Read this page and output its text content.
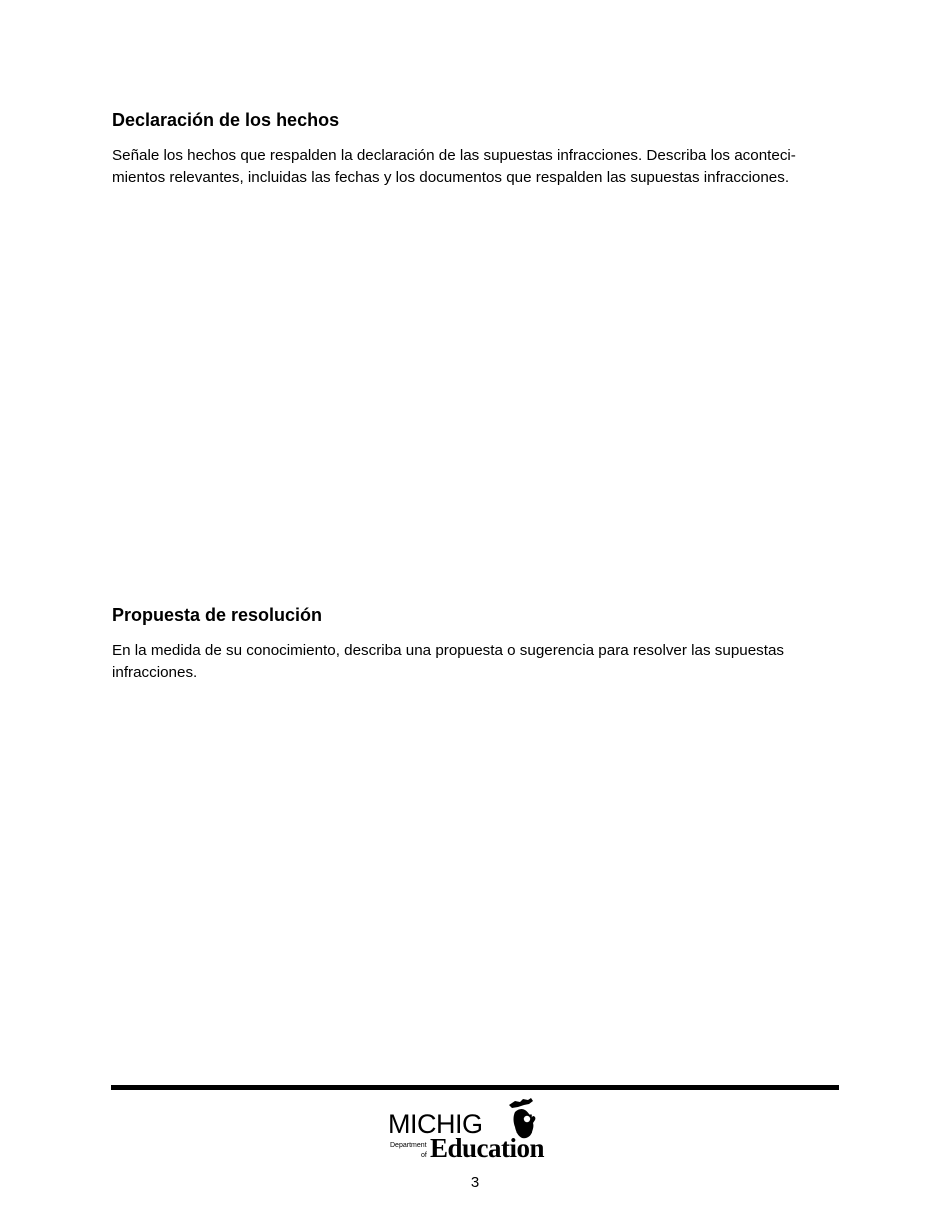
Declaración de los hechos

Señale los hechos que respalden la declaración de las supuestas infracciones. Describa los acontecimientos relevantes, incluidas las fechas y los documentos que respalden las supuestas infracciones.

Propuesta de resolución

En la medida de su conocimiento, describa una propuesta o sugerencia para resolver las supuestas infracciones.

MICHIG
Department
of Education
3
